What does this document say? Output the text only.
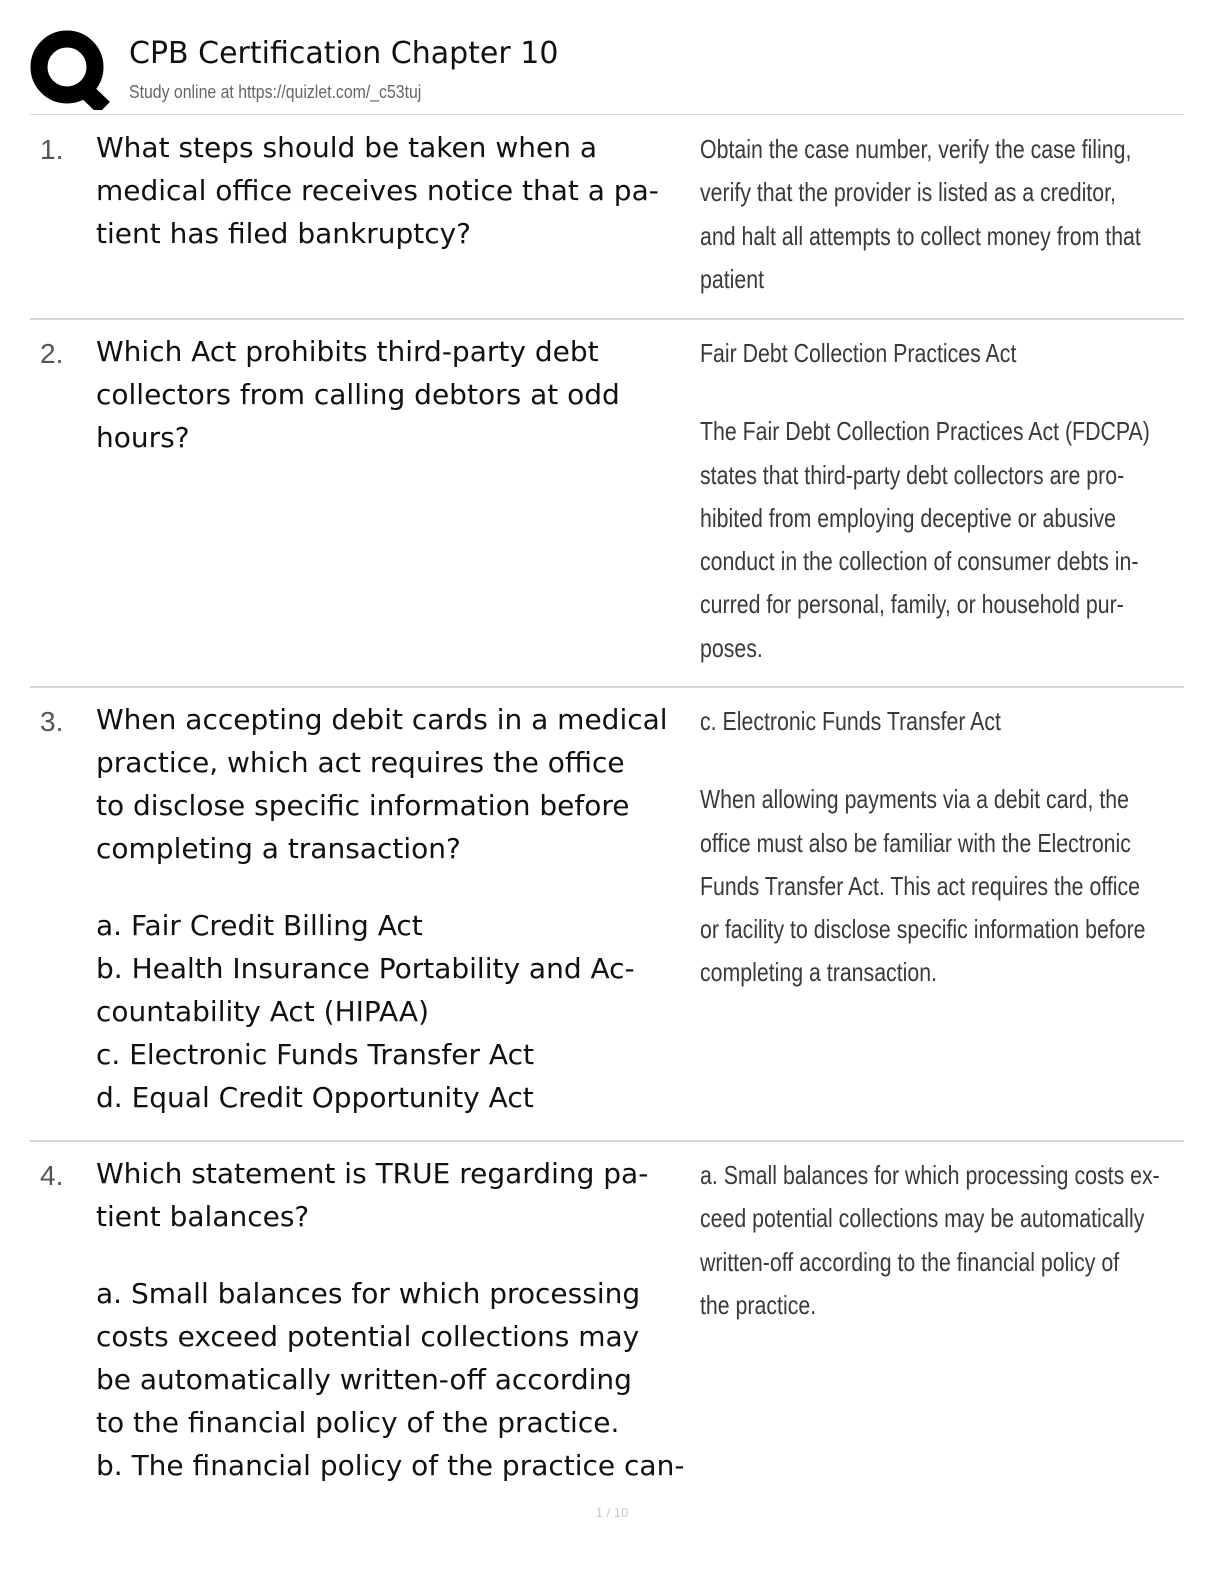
CPB Certification Chapter 10
Study online at https://quizlet.com/_c53tuj
1. What steps should be taken when a
medical office receives notice that a pa-
tient has filed bankruptcy?
Obtain the case number, verify the case filing,
verify that the provider is listed as a creditor,
and halt all attempts to collect money from that
patient
2. Which Act prohibits third-party debt
collectors from calling debtors at odd
hours?
Fair Debt Collection Practices Act
The Fair Debt Collection Practices Act (FDCPA)
states that third-party debt collectors are pro-
hibited from employing deceptive or abusive
conduct in the collection of consumer debts in-
curred for personal, family, or household pur-
poses.
3. When accepting debit cards in a medical
practice, which act requires the office
to disclose specific information before
completing a transaction?
a. Fair Credit Billing Act
b. Health Insurance Portability and Ac-
countability Act (HIPAA)
c. Electronic Funds Transfer Act
d. Equal Credit Opportunity Act
c. Electronic Funds Transfer Act
When allowing payments via a debit card, the
office must also be familiar with the Electronic
Funds Transfer Act. This act requires the office
or facility to disclose specific information before
completing a transaction.
4. Which statement is TRUE regarding pa-
tient balances?
a. Small balances for which processing
costs exceed potential collections may
be automatically written-off according
to the financial policy of the practice.
b. The financial policy of the practice can-
a. Small balances for which processing costs ex-
ceed potential collections may be automatically
written-off according to the financial policy of
the practice.
1 / 10
